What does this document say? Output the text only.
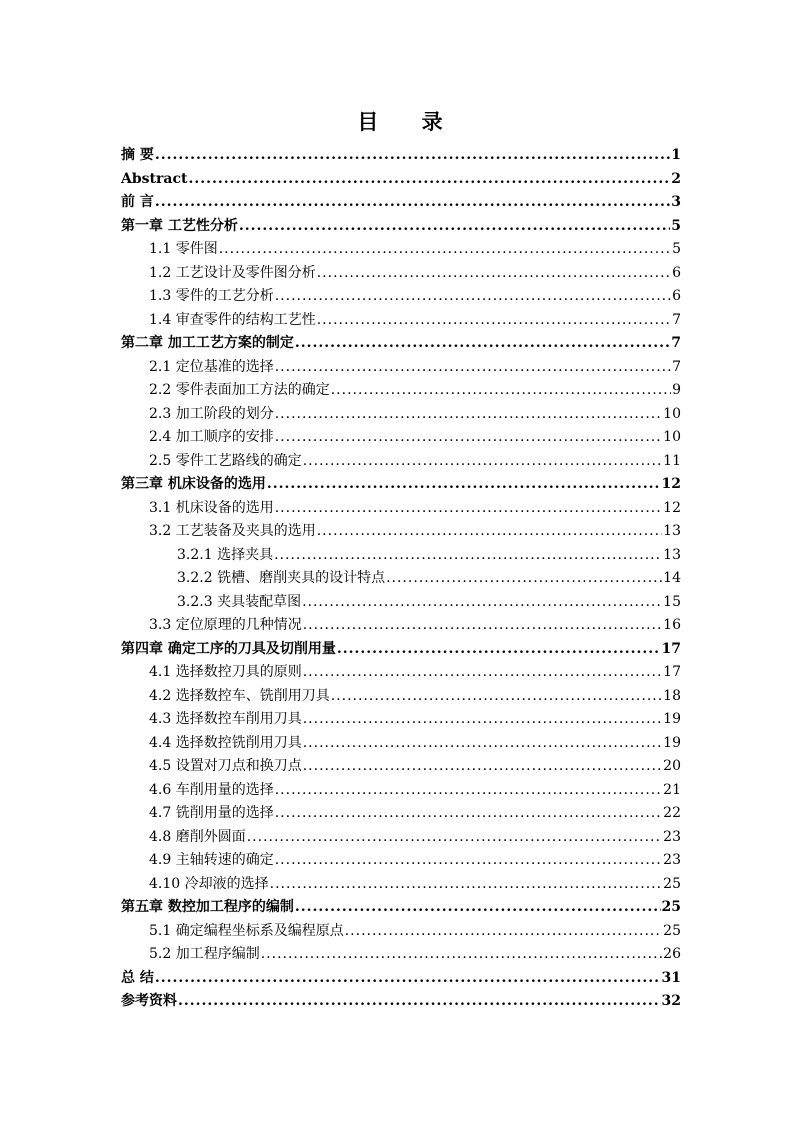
目 录
摘 要 .....	1
Abstract .....	2
前 言 .....	3
第一章 工艺性分析 .....	5
1.1 零件图 .....	5
1.2 工艺设计及零件图分析 .....	6
1.3 零件的工艺分析 .....	6
1.4 审查零件的结构工艺性 .....	7
第二章 加工工艺方案的制定 .....	7
2.1 定位基准的选择 .....	7
2.2 零件表面加工方法的确定 .....	9
2.3 加工阶段的划分 .....	10
2.4 加工顺序的安排 .....	10
2.5 零件工艺路线的确定 .....	11
第三章 机床设备的选用 .....	12
3.1 机床设备的选用 .....	12
3.2 工艺装备及夹具的选用 .....	13
3.2.1 选择夹具 .....	13
3.2.2 铣槽、磨削夹具的设计特点 .....	14
3.2.3 夹具装配草图 .....	15
3.3 定位原理的几种情况 .....	16
第四章 确定工序的刀具及切削用量 .....	17
4.1 选择数控刀具的原则 .....	17
4.2 选择数控车、铣削用刀具 .....	18
4.3 选择数控车削用刀具 .....	19
4.4 选择数控铣削用刀具 .....	19
4.5 设置对刀点和换刀点 .....	20
4.6 车削用量的选择 .....	21
4.7 铣削用量的选择 .....	22
4.8 磨削外圆面 .....	23
4.9 主轴转速的确定 .....	23
4.10 冷却液的选择 .....	25
第五章 数控加工程序的编制 .....	25
5.1 确定编程坐标系及编程原点 .....	25
5.2 加工程序编制 .....	26
总 结 .....	31
参考资料 .....	32
